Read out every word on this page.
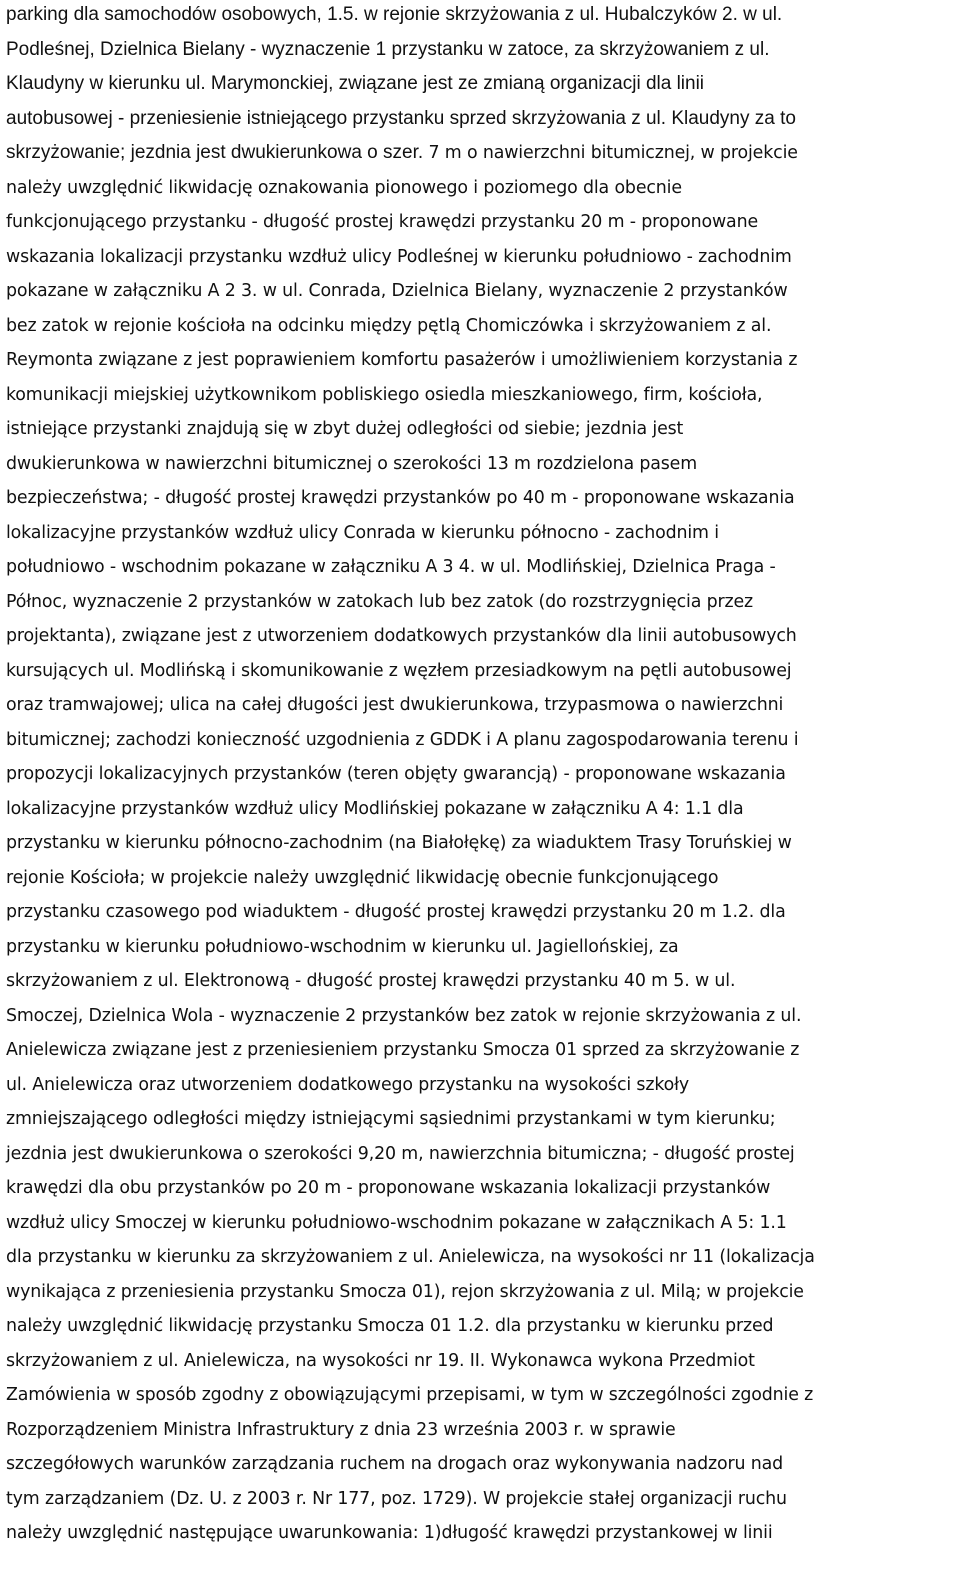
parking dla samochodów osobowych, 1.5. w rejonie skrzyżowania z ul. Hubalczyków 2. w ul.
Podleśnej, Dzielnica Bielany - wyznaczenie 1 przystanku w zatoce, za skrzyżowaniem z ul.
Klaudyny w kierunku ul. Marymonckiej, związane jest ze zmianą organizacji dla linii
autobusowej - przeniesienie istniejącego przystanku sprzed skrzyżowania z ul. Klaudyny za to
skrzyżowanie; jezdnia jest dwukierunkowa o szer. 7 m o nawierzchni bitumicznej, w projekcie
należy uwzględnić likwidację oznakowania pionowego i poziomego dla obecnie
funkcjonującego przystanku - długość prostej krawędzi przystanku 20 m - proponowane
wskazania lokalizacji przystanku wzdłuż ulicy Podleśnej w kierunku południowo - zachodnim
pokazane w załączniku A 2 3. w ul. Conrada, Dzielnica Bielany, wyznaczenie 2 przystanków
bez zatok w rejonie kościoła na odcinku między pętlą Chomiczówka i skrzyżowaniem z al.
Reymonta związane z jest poprawieniem komfortu pasażerów i umożliwieniem korzystania z
komunikacji miejskiej użytkownikom pobliskiego osiedla mieszkaniowego, firm, kościoła,
istniejące przystanki znajdują się w zbyt dużej odległości od siebie; jezdnia jest
dwukierunkowa w nawierzchni bitumicznej o szerokości 13 m rozdzielona pasem
bezpieczeństwa; - długość prostej krawędzi przystanków po 40 m - proponowane wskazania
lokalizacyjne przystanków wzdłuż ulicy Conrada w kierunku północno - zachodnim i
południowo - wschodnim pokazane w załączniku A 3 4. w ul. Modlińskiej, Dzielnica Praga -
Północ, wyznaczenie 2 przystanków w zatokach lub bez zatok (do rozstrzygnięcia przez
projektanta), związane jest z utworzeniem dodatkowych przystanków dla linii autobusowych
kursujących ul. Modlińską i skomunikowanie z węzłem przesiadkowym na pętli autobusowej
oraz tramwajowej; ulica na całej długości jest dwukierunkowa, trzypasmowa o nawierzchni
bitumicznej; zachodzi konieczność uzgodnienia z GDDK i A planu zagospodarowania terenu i
propozycji lokalizacyjnych przystanków (teren objęty gwarancją) - proponowane wskazania
lokalizacyjne przystanków wzdłuż ulicy Modlińskiej pokazane w załączniku A 4: 1.1 dla
przystanku w kierunku północno-zachodnim (na Białołękę) za wiaduktem Trasy Toruńskiej w
rejonie Kościoła; w projekcie należy uwzględnić likwidację obecnie funkcjonującego
przystanku czasowego pod wiaduktem - długość prostej krawędzi przystanku 20 m 1.2. dla
przystanku w kierunku południowo-wschodnim w kierunku ul. Jagiellońskiej, za
skrzyżowaniem z ul. Elektronową - długość prostej krawędzi przystanku 40 m 5. w ul.
Smoczej, Dzielnica Wola - wyznaczenie 2 przystanków bez zatok w rejonie skrzyżowania z ul.
Anielewicza związane jest z przeniesieniem przystanku Smocza 01 sprzed za skrzyżowanie z
ul. Anielewicza oraz utworzeniem dodatkowego przystanku na wysokości szkoły
zmniejszającego odległości między istniejącymi sąsiednimi przystankami w tym kierunku;
jezdnia jest dwukierunkowa o szerokości 9,20 m, nawierzchnia bitumiczna; - długość prostej
krawędzi dla obu przystanków po 20 m - proponowane wskazania lokalizacji przystanków
wzdłuż ulicy Smoczej w kierunku południowo-wschodnim pokazane w załącznikach A 5: 1.1
dla przystanku w kierunku za skrzyżowaniem z ul. Anielewicza, na wysokości nr 11 (lokalizacja
wynikająca z przeniesienia przystanku Smocza 01), rejon skrzyżowania z ul. Milą; w projekcie
należy uwzględnić likwidację przystanku Smocza 01 1.2. dla przystanku w kierunku przed
skrzyżowaniem z ul. Anielewicza, na wysokości nr 19. II. Wykonawca wykona Przedmiot
Zamówienia w sposób zgodny z obowiązującymi przepisami, w tym w szczególności zgodnie z
Rozporządzeniem Ministra Infrastruktury z dnia 23 września 2003 r. w sprawie
szczegółowych warunków zarządzania ruchem na drogach oraz wykonywania nadzoru nad
tym zarządzaniem (Dz. U. z 2003 r. Nr 177, poz. 1729). W projekcie stałej organizacji ruchu
należy uwzględnić następujące uwarunkowania: 1)długość krawędzi przystankowej w linii
